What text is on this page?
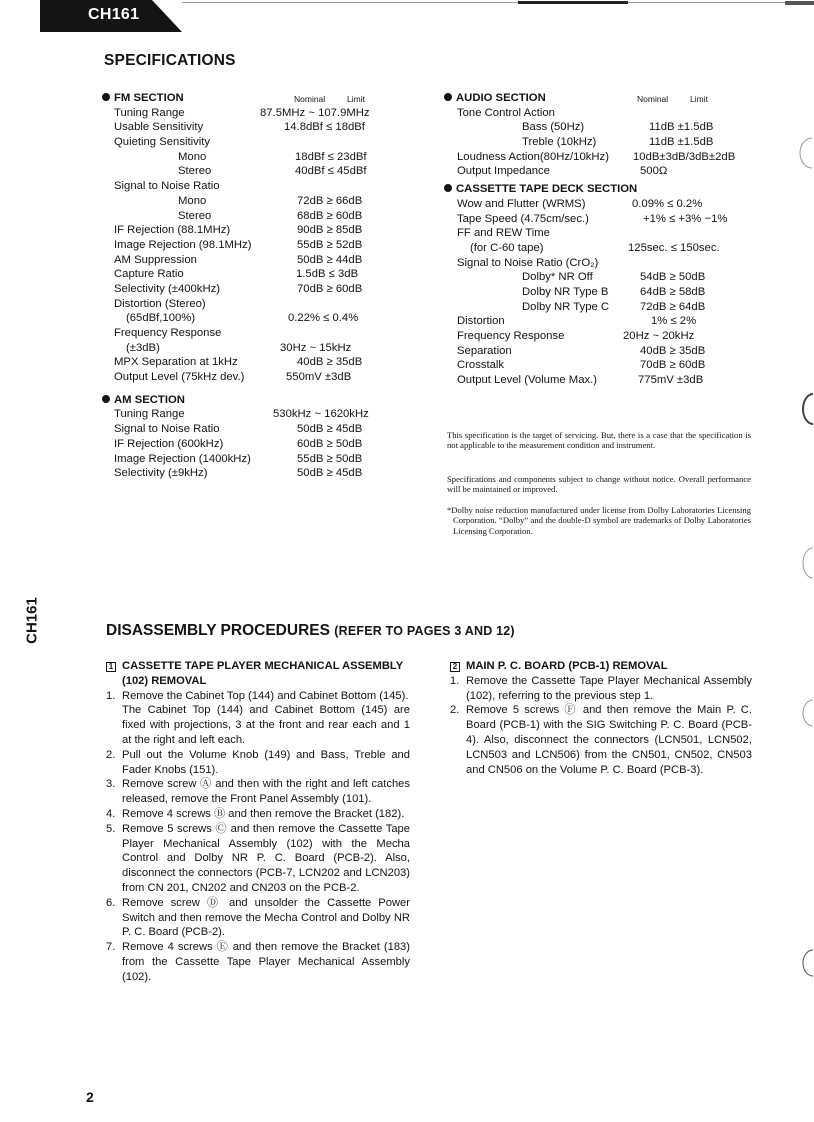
CH161
SPECIFICATIONS
FM SECTION	Nominal	Limit
Tuning Range	87.5MHz ~ 107.9MHz
Usable Sensitivity	14.8dBf ≤ 18dBf
Quieting Sensitivity
Mono	18dBf ≤ 23dBf
Stereo	40dBf ≤ 45dBf
Signal to Noise Ratio
Mono	72dB ≥ 66dB
Stereo	68dB ≥ 60dB
IF Rejection (88.1MHz)	90dB ≥ 85dB
Image Rejection (98.1MHz)	55dB ≥ 52dB
AM Suppression	50dB ≥ 44dB
Capture Ratio	1.5dB ≤ 3dB
Selectivity (±400kHz)	70dB ≥ 60dB
Distortion (Stereo)
(65dBf,100%)	0.22% ≤ 0.4%
Frequency Response
(±3dB)	30Hz ~ 15kHz
MPX Separation at 1kHz	40dB ≥ 35dB
Output Level (75kHz dev.)	550mV ±3dB
AM SECTION
Tuning Range	530kHz ~ 1620kHz
Signal to Noise Ratio	50dB ≥ 45dB
IF Rejection (600kHz)	60dB ≥ 50dB
Image Rejection (1400kHz)	55dB ≥ 50dB
Selectivity (±9kHz)	50dB ≥ 45dB
AUDIO SECTION	Nominal	Limit
Tone Control Action
Bass (50Hz)	11dB ±1.5dB
Treble (10kHz)	11dB ±1.5dB
Loudness Action(80Hz/10kHz) 10dB±3dB/3dB±2dB
Output Impedance	500Ω
CASSETTE TAPE DECK SECTION
Wow and Flutter (WRMS)	0.09% ≤ 0.2%
Tape Speed (4.75cm/sec.)	+1% ≤ +3% −1%
FF and REW Time
(for C-60 tape)	125sec. ≤ 150sec.
Signal to Noise Ratio (CrO₂)
Dolby* NR Off	54dB ≥ 50dB
Dolby NR Type B	64dB ≥ 58dB
Dolby NR Type C	72dB ≥ 64dB
Distortion	1% ≤ 2%
Frequency Response	20Hz ~ 20kHz
Separation	40dB ≥ 35dB
Crosstalk	70dB ≥ 60dB
Output Level (Volume Max.)	775mV ±3dB
This specification is the target of servicing. But, there is a case that the specification is not applicable to the measurement condition and instrument.
Specifications and components subject to change without notice. Overall performance will be maintained or improved.
*Dolby noise reduction manufactured under license from Dolby Laboratories Licensing Corporation. “Dolby” and the double-D symbol are trademarks of Dolby Laboratories Licensing Corporation.
CH161	DISASSEMBLY PROCEDURES (REFER TO PAGES 3 AND 12)
1 CASSETTE TAPE PLAYER MECHANICAL ASSEMBLY
(102) REMOVAL
1. Remove the Cabinet Top (144) and Cabinet Bottom (145).
The Cabinet Top (144) and Cabinet Bottom (145) are fixed with projections, 3 at the front and rear each and 1 at the right and left each.
2. Pull out the Volume Knob (149) and Bass, Treble and Fader Knobs (151).
3. Remove screw Ⓐ and then with the right and left catches released, remove the Front Panel Assembly (101).
4. Remove 4 screws Ⓑ and then remove the Bracket (182).
5. Remove 5 screws Ⓒ and then remove the Cassette Tape Player Mechanical Assembly (102) with the Mecha Control and Dolby NR P. C. Board (PCB-2). Also, disconnect the connectors (PCB-7, LCN202 and LCN203) from CN 201, CN202 and CN203 on the PCB-2.
6. Remove screw Ⓓ and unsolder the Cassette Power Switch and then remove the Mecha Control and Dolby NR P. C. Board (PCB-2).
7. Remove 4 screws Ⓔ and then remove the Bracket (183) from the Cassette Tape Player Mechanical Assembly (102).
2 MAIN P. C. BOARD (PCB-1) REMOVAL
1. Remove the Cassette Tape Player Mechanical Assembly (102), referring to the previous step 1.
2. Remove 5 screws Ⓕ and then remove the Main P. C. Board (PCB-1) with the SIG Switching P. C. Board (PCB-4). Also, disconnect the connectors (LCN501, LCN502, LCN503 and LCN506) from the CN501, CN502, CN503 and CN506 on the Volume P. C. Board (PCB-3).
2
